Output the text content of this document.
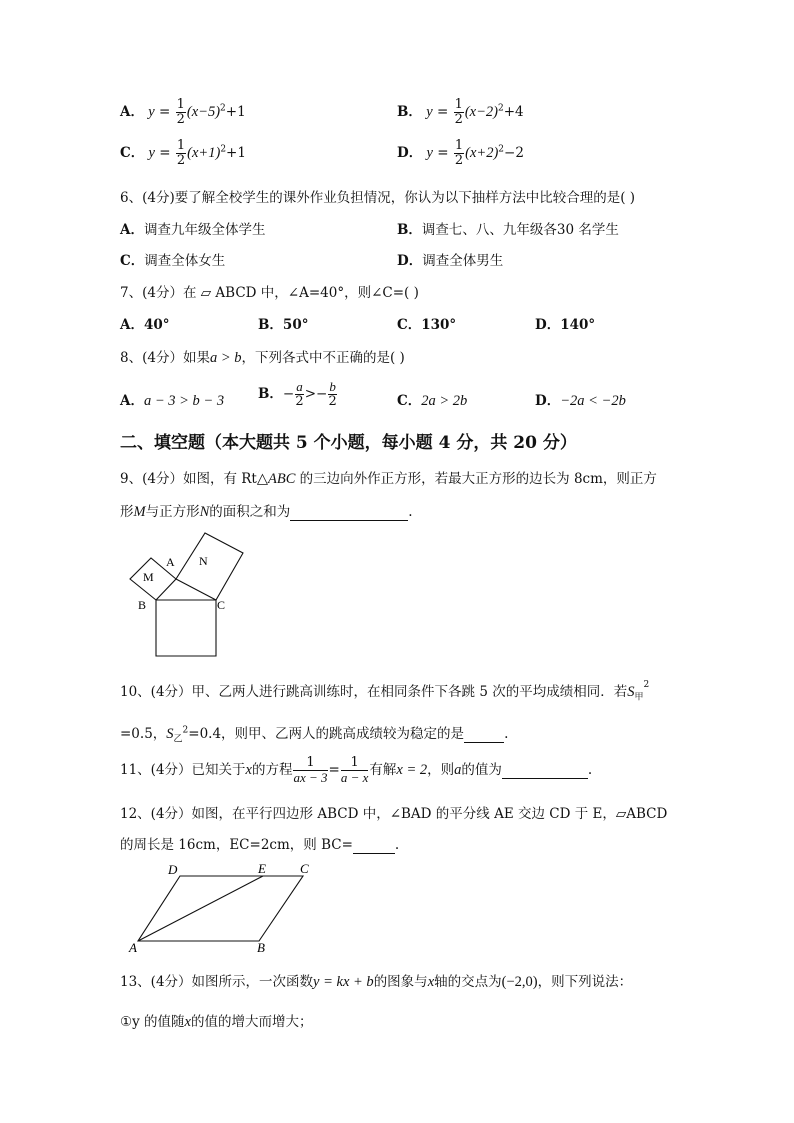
A． $y = \frac{1}{2} (x-5)^2+1$	B． $y = \frac{1}{2} (x-2)^2+4$
C． $y = \frac{1}{2} (x+1)^2+1$	D． $y = \frac{1}{2} (x+2)^2-2$
6、(4分)要了解全校学生的课外作业负担情况，你认为以下抽样方法中比较合理的是( )
A．调查九年级全体学生	B．调查七、八、九年级各30 名学生
C．调查全体女生	D．调查全体男生
7、(4分）在 ▱ ABCD 中，∠A=40°，则∠C=( )
A．40°	B．50°	C．130°	D．140°
8、(4分）如果a > b，下列各式中不正确的是( )
A．a − 3 > b − 3	B．− $\frac{a}{2} >- \frac{b}{2}$	C．2a > 2b	D．−2a < −2b
二、填空题（本大题共 5 个小题，每小题 4 分，共 20 分）
9、(4分）如图，有 Rt△ABC 的三边向外作正方形，若最大正方形的边长为 8cm，则正方
形M与正方形N的面积之和为	.
M
A N
B	C
10、(4分）甲、乙两人进行跳高训练时，在相同条件下各跳 5 次的平均成绩相同．若$S_甲^2$
=0.5，$S_乙^2=0.4$，则甲、乙两人的跳高成绩较为稳定的是	.
11、(4分）已知关于x的方程 $\frac{1}{ax - 3} = \frac{1}{a - x}$ 有解x = 2，则a的值为	.
12、(4分）如图，在平行四边形 ABCD 中，∠BAD 的平分线 AE 交边 CD 于 E，▱ABCD
的周长是 16cm，EC=2cm，则 BC=	.
D	E	C
A	B
13、(4分）如图所示，一次函数y = kx + b的图象与x轴的交点为(−2,0)，则下列说法：
①y 的值随x的值的增大而增大；
